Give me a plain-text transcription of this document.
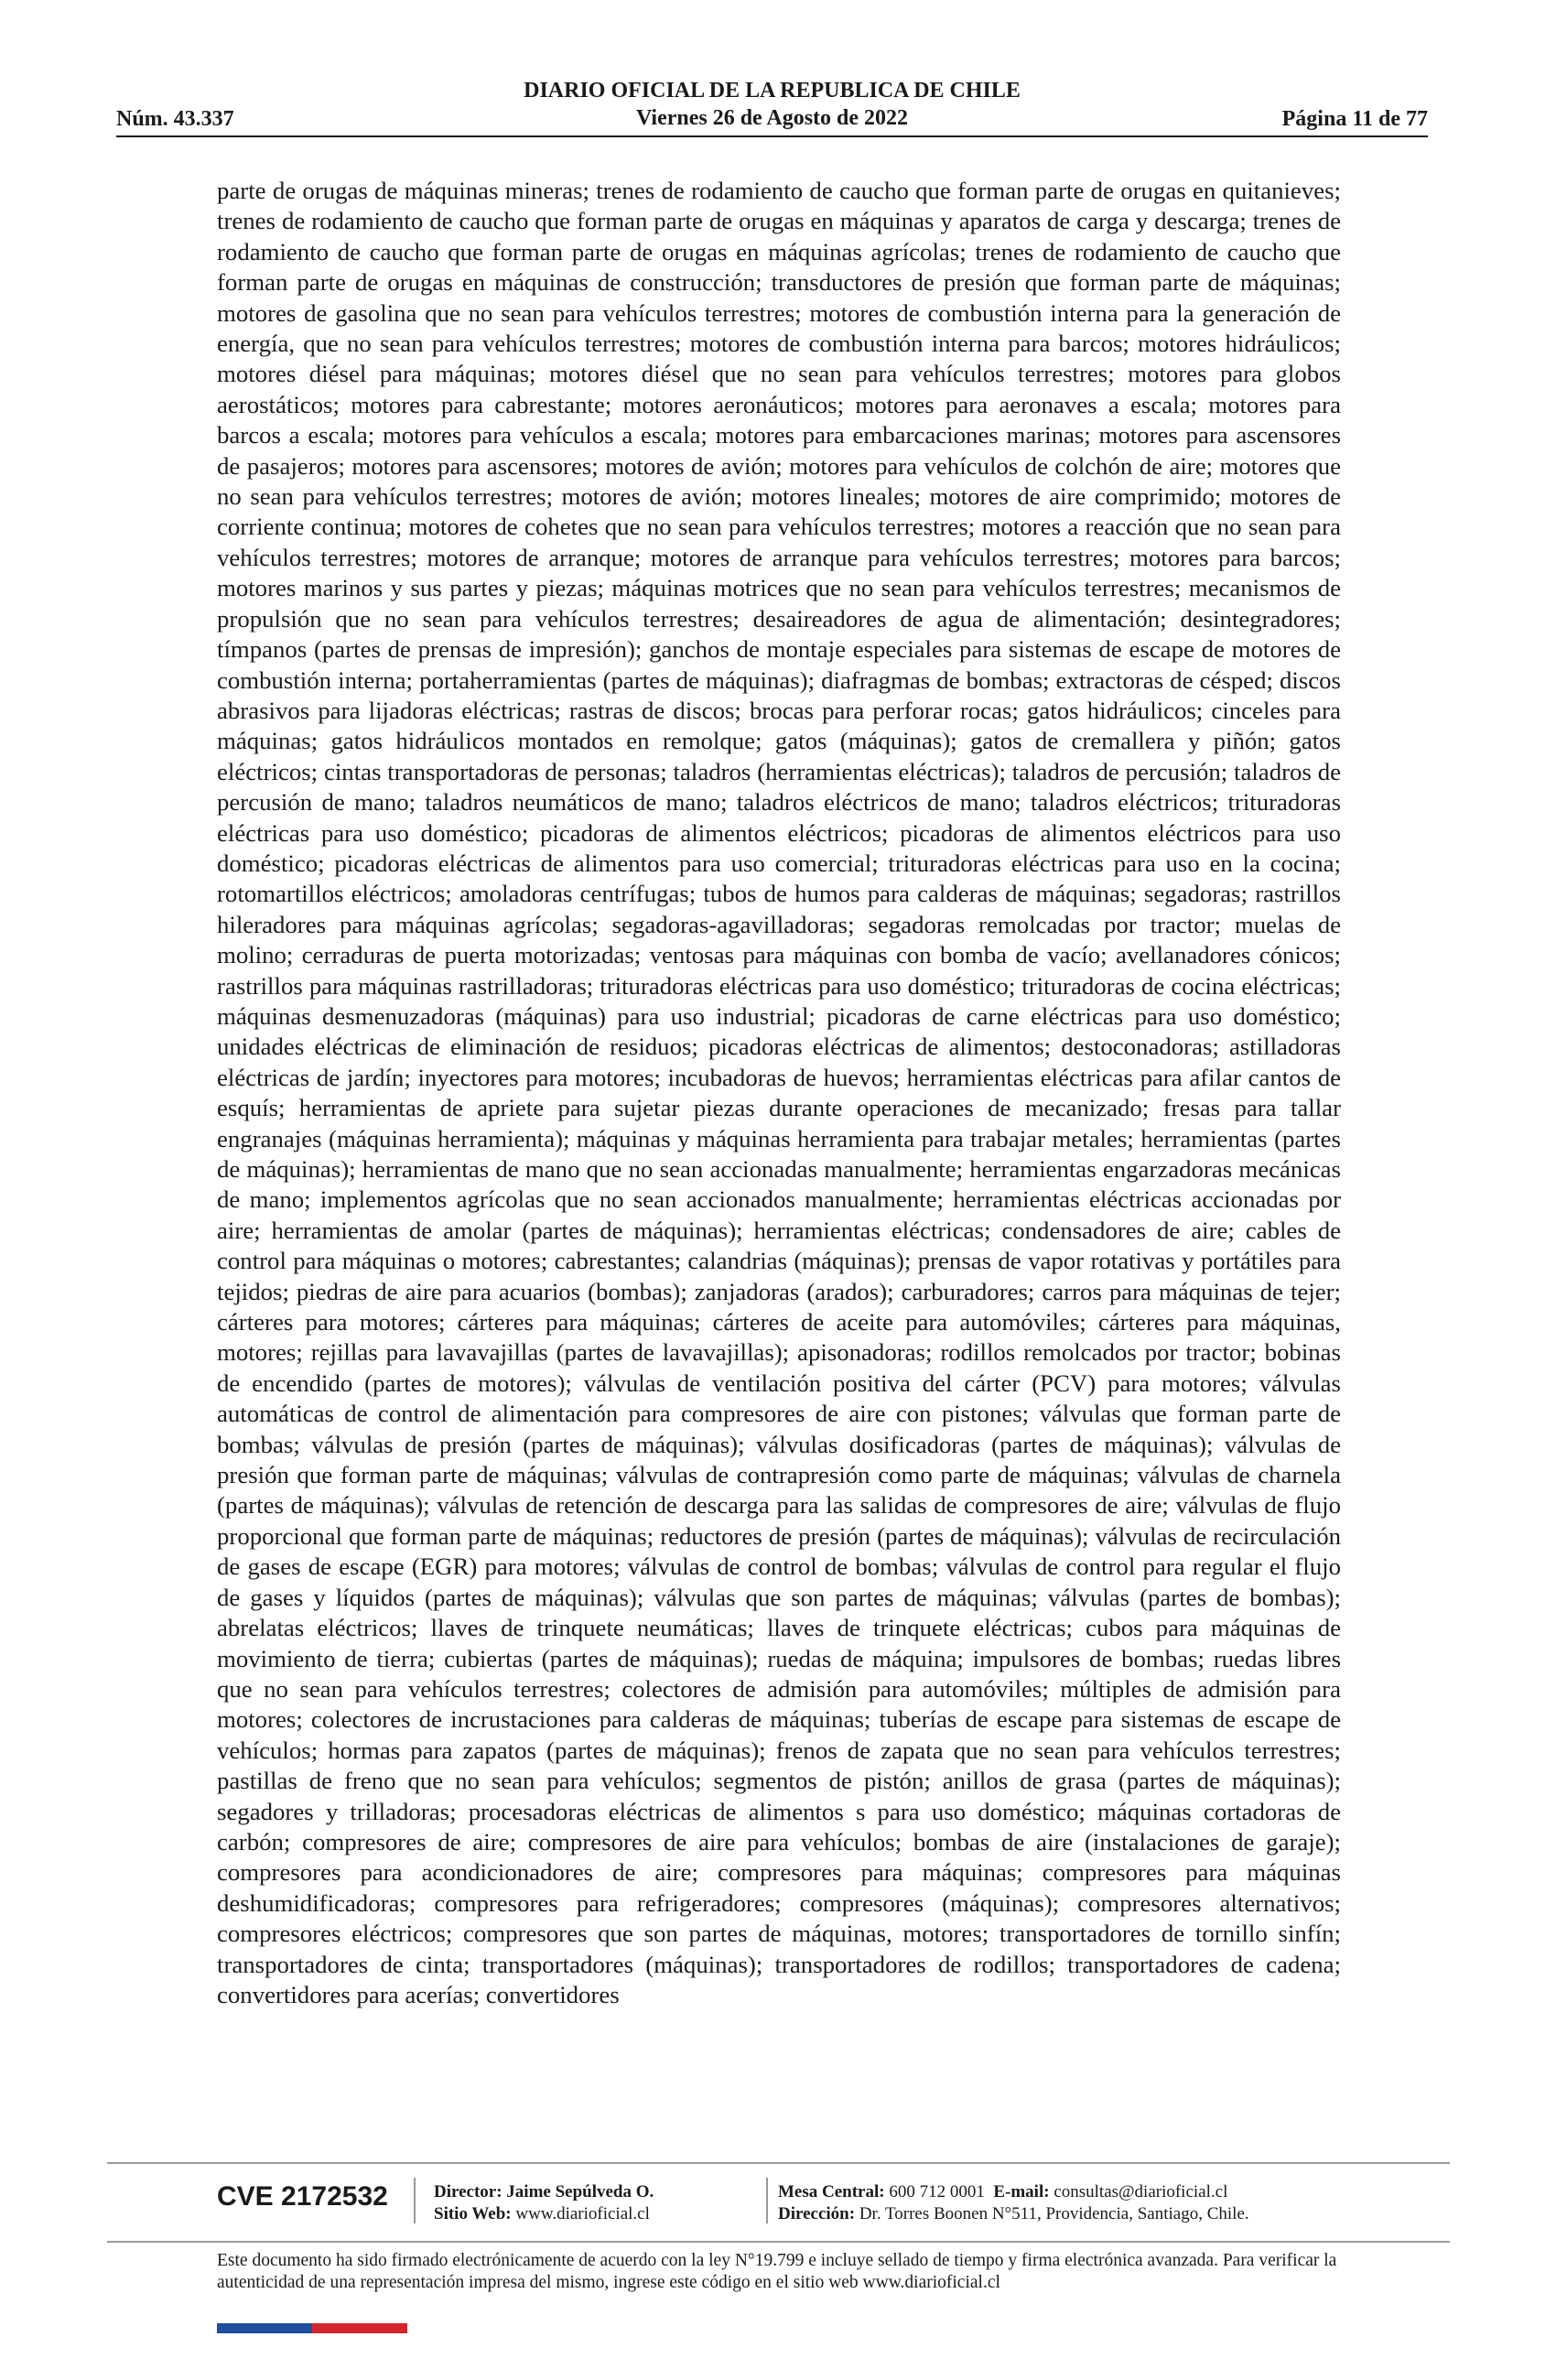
Núm. 43.337
DIARIO OFICIAL DE LA REPUBLICA DE CHILE
Viernes 26 de Agosto de 2022	Página 11 de 77
parte de orugas de máquinas mineras; trenes de rodamiento de caucho que forman parte de orugas en quitanieves; trenes de rodamiento de caucho que forman parte de orugas en máquinas y aparatos de carga y descarga; trenes de rodamiento de caucho que forman parte de orugas en máquinas agrícolas; trenes de rodamiento de caucho que forman parte de orugas en máquinas de construcción; transductores de presión que forman parte de máquinas; motores de gasolina que no sean para vehículos terrestres; motores de combustión interna para la generación de energía, que no sean para vehículos terrestres; motores de combustión interna para barcos; motores hidráulicos; motores diésel para máquinas; motores diésel que no sean para vehículos terrestres; motores para globos aerostáticos; motores para cabrestante; motores aeronáuticos; motores para aeronaves a escala; motores para barcos a escala; motores para vehículos a escala; motores para embarcaciones marinas; motores para ascensores de pasajeros; motores para ascensores; motores de avión; motores para vehículos de colchón de aire; motores que no sean para vehículos terrestres; motores de avión; motores lineales; motores de aire comprimido; motores de corriente continua; motores de cohetes que no sean para vehículos terrestres; motores a reacción que no sean para vehículos terrestres; motores de arranque; motores de arranque para vehículos terrestres; motores para barcos; motores marinos y sus partes y piezas; máquinas motrices que no sean para vehículos terrestres; mecanismos de propulsión que no sean para vehículos terrestres; desaireadores de agua de alimentación; desintegradores; tímpanos (partes de prensas de impresión); ganchos de montaje especiales para sistemas de escape de motores de combustión interna; portaherramientas (partes de máquinas); diafragmas de bombas; extractoras de césped; discos abrasivos para lijadoras eléctricas; rastras de discos; brocas para perforar rocas; gatos hidráulicos; cinceles para máquinas; gatos hidráulicos montados en remolque; gatos (máquinas); gatos de cremallera y piñón; gatos eléctricos; cintas transportadoras de personas; taladros (herramientas eléctricas); taladros de percusión; taladros de percusión de mano; taladros neumáticos de mano; taladros eléctricos de mano; taladros eléctricos; trituradoras eléctricas para uso doméstico; picadoras de alimentos eléctricos; picadoras de alimentos eléctricos para uso doméstico; picadoras eléctricas de alimentos para uso comercial; trituradoras eléctricas para uso en la cocina; rotomartillos eléctricos; amoladoras centrífugas; tubos de humos para calderas de máquinas; segadoras; rastrillos hileradores para máquinas agrícolas; segadoras-agavilladoras; segadoras remolcadas por tractor; muelas de molino; cerraduras de puerta motorizadas; ventosas para máquinas con bomba de vacío; avellanadores cónicos; rastrillos para máquinas rastrilladoras; trituradoras eléctricas para uso doméstico; trituradoras de cocina eléctricas; máquinas desmenuzadoras (máquinas) para uso industrial; picadoras de carne eléctricas para uso doméstico; unidades eléctricas de eliminación de residuos; picadoras eléctricas de alimentos; destoconadoras; astilladoras eléctricas de jardín; inyectores para motores; incubadoras de huevos; herramientas eléctricas para afilar cantos de esquís; herramientas de apriete para sujetar piezas durante operaciones de mecanizado; fresas para tallar engranajes (máquinas herramienta); máquinas y máquinas herramienta para trabajar metales; herramientas (partes de máquinas); herramientas de mano que no sean accionadas manualmente; herramientas engarzadoras mecánicas de mano; implementos agrícolas que no sean accionados manualmente; herramientas eléctricas accionadas por aire; herramientas de amolar (partes de máquinas); herramientas eléctricas; condensadores de aire; cables de control para máquinas o motores; cabrestantes; calandrias (máquinas); prensas de vapor rotativas y portátiles para tejidos; piedras de aire para acuarios (bombas); zanjadoras (arados); carburadores; carros para máquinas de tejer; cárteres para motores; cárteres para máquinas; cárteres de aceite para automóviles; cárteres para máquinas, motores; rejillas para lavavajillas (partes de lavavajillas); apisonadoras; rodillos remolcados por tractor; bobinas de encendido (partes de motores); válvulas de ventilación positiva del cárter (PCV) para motores; válvulas automáticas de control de alimentación para compresores de aire con pistones; válvulas que forman parte de bombas; válvulas de presión (partes de máquinas); válvulas dosificadoras (partes de máquinas); válvulas de presión que forman parte de máquinas; válvulas de contrapresión como parte de máquinas; válvulas de charnela (partes de máquinas); válvulas de retención de descarga para las salidas de compresores de aire; válvulas de flujo proporcional que forman parte de máquinas; reductores de presión (partes de máquinas); válvulas de recirculación de gases de escape (EGR) para motores; válvulas de control de bombas; válvulas de control para regular el flujo de gases y líquidos (partes de máquinas); válvulas que son partes de máquinas; válvulas (partes de bombas); abrelatas eléctricos; llaves de trinquete neumáticas; llaves de trinquete eléctricas; cubos para máquinas de movimiento de tierra; cubiertas (partes de máquinas); ruedas de máquina; impulsores de bombas; ruedas libres que no sean para vehículos terrestres; colectores de admisión para automóviles; múltiples de admisión para motores; colectores de incrustaciones para calderas de máquinas; tuberías de escape para sistemas de escape de vehículos; hormas para zapatos (partes de máquinas); frenos de zapata que no sean para vehículos terrestres; pastillas de freno que no sean para vehículos; segmentos de pistón; anillos de grasa (partes de máquinas); segadores y trilladoras; procesadoras eléctricas de alimentos s para uso doméstico; máquinas cortadoras de carbón; compresores de aire; compresores de aire para vehículos; bombas de aire (instalaciones de garaje); compresores para acondicionadores de aire; compresores para máquinas; compresores para máquinas deshumidificadoras; compresores para refrigeradores; compresores (máquinas); compresores alternativos; compresores eléctricos; compresores que son partes de máquinas, motores; transportadores de tornillo sinfín; transportadores de cinta; transportadores (máquinas); transportadores de rodillos; transportadores de cadena; convertidores para acerías; convertidores
CVE 2172532	Director: Jaime Sepúlveda O.
Sitio Web: www.diarioficial.cl
Mesa Central: 600 712 0001 E-mail: consultas@diarioficial.cl
Dirección: Dr. Torres Boonen N°511, Providencia, Santiago, Chile.
Este documento ha sido firmado electrónicamente de acuerdo con la ley N°19.799 e incluye sellado de tiempo y firma electrónica avanzada. Para verificar la autenticidad de una representación impresa del mismo, ingrese este código en el sitio web www.diarioficial.cl
